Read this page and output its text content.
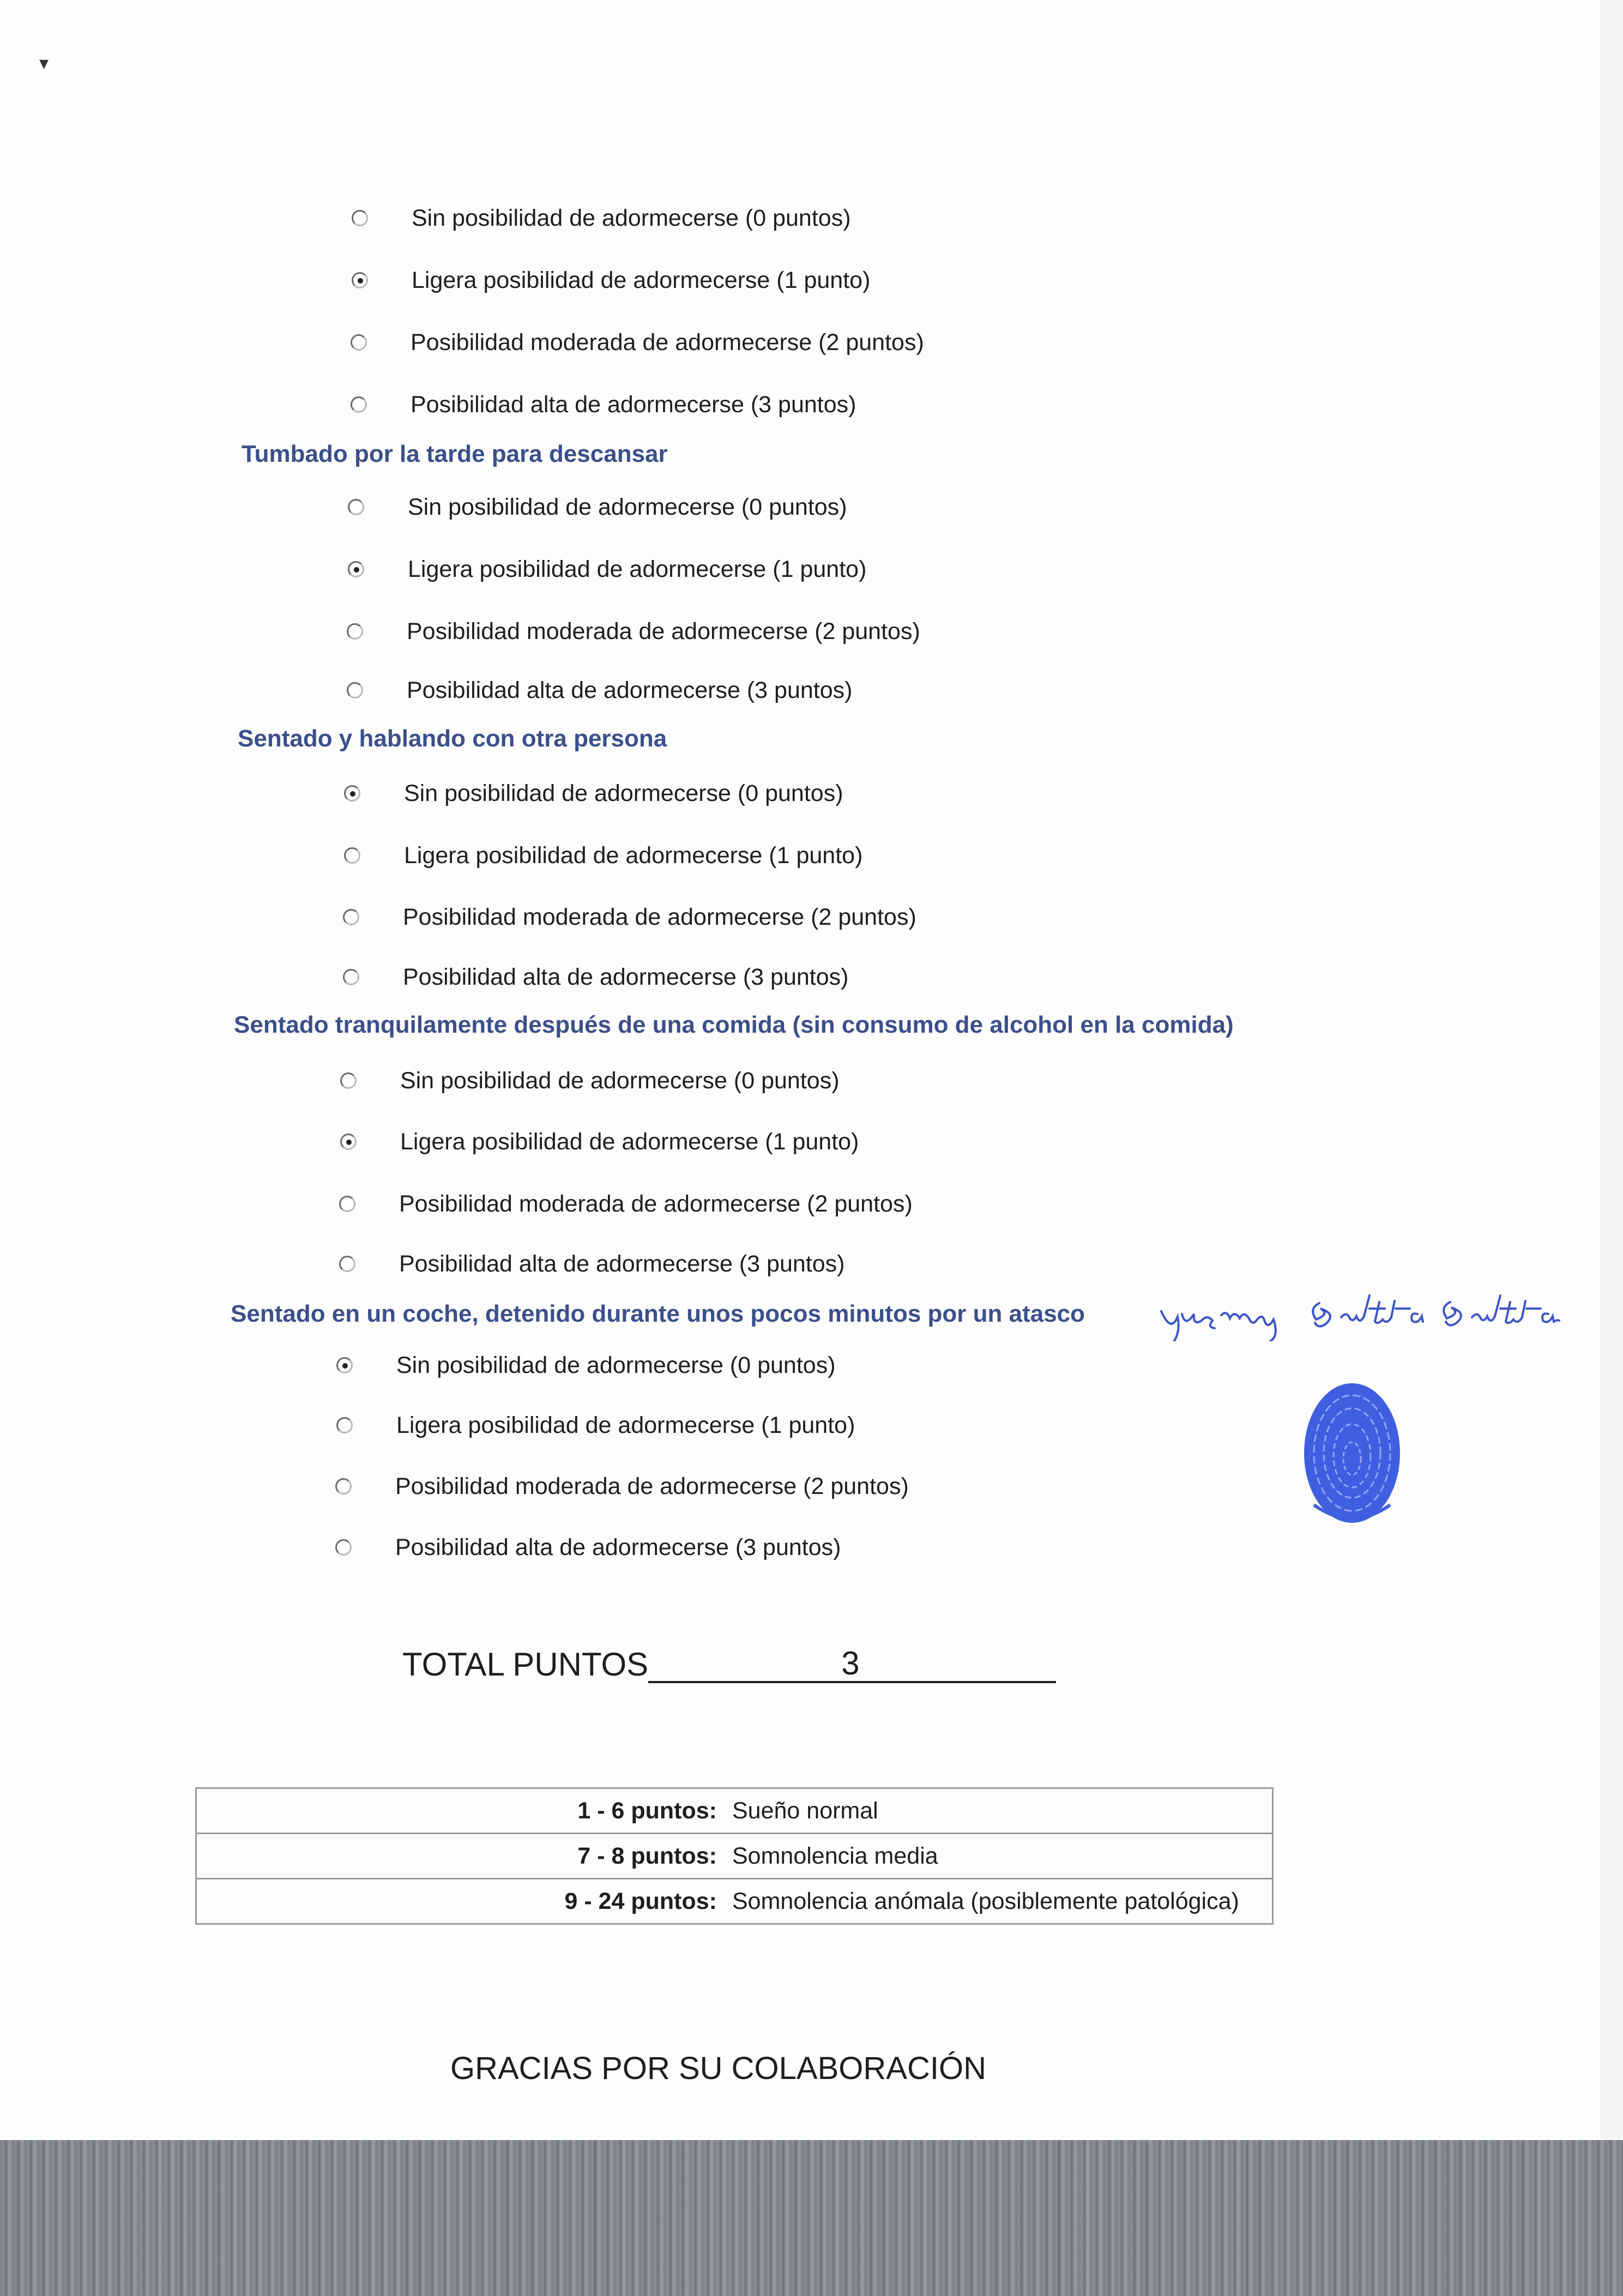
▾
Sin posibilidad de adormecerse (0 puntos)
Ligera posibilidad de adormecerse (1 punto)
Posibilidad moderada de adormecerse (2 puntos)
Posibilidad alta de adormecerse (3 puntos)
Tumbado por la tarde para descansar
Sin posibilidad de adormecerse (0 puntos)
Ligera posibilidad de adormecerse (1 punto)
Posibilidad moderada de adormecerse (2 puntos)
Posibilidad alta de adormecerse (3 puntos)
Sentado y hablando con otra persona
Sin posibilidad de adormecerse (0 puntos)
Ligera posibilidad de adormecerse (1 punto)
Posibilidad moderada de adormecerse (2 puntos)
Posibilidad alta de adormecerse (3 puntos)
Sentado tranquilamente después de una comida (sin consumo de alcohol en la comida)
Sin posibilidad de adormecerse (0 puntos)
Ligera posibilidad de adormecerse (1 punto)
Posibilidad moderada de adormecerse (2 puntos)
Posibilidad alta de adormecerse (3 puntos)
Sentado en un coche, detenido durante unos pocos minutos por un atasco
Sin posibilidad de adormecerse (0 puntos)
Ligera posibilidad de adormecerse (1 punto)
Posibilidad moderada de adormecerse (2 puntos)
Posibilidad alta de adormecerse (3 puntos)
TOTAL PUNTOS	3
1 - 6 puntos:	Sueño normal
7 - 8 puntos:	Somnolencia media
9 - 24 puntos:	Somnolencia anómala (posiblemente patológica)
GRACIAS POR SU COLABORACIÓN
